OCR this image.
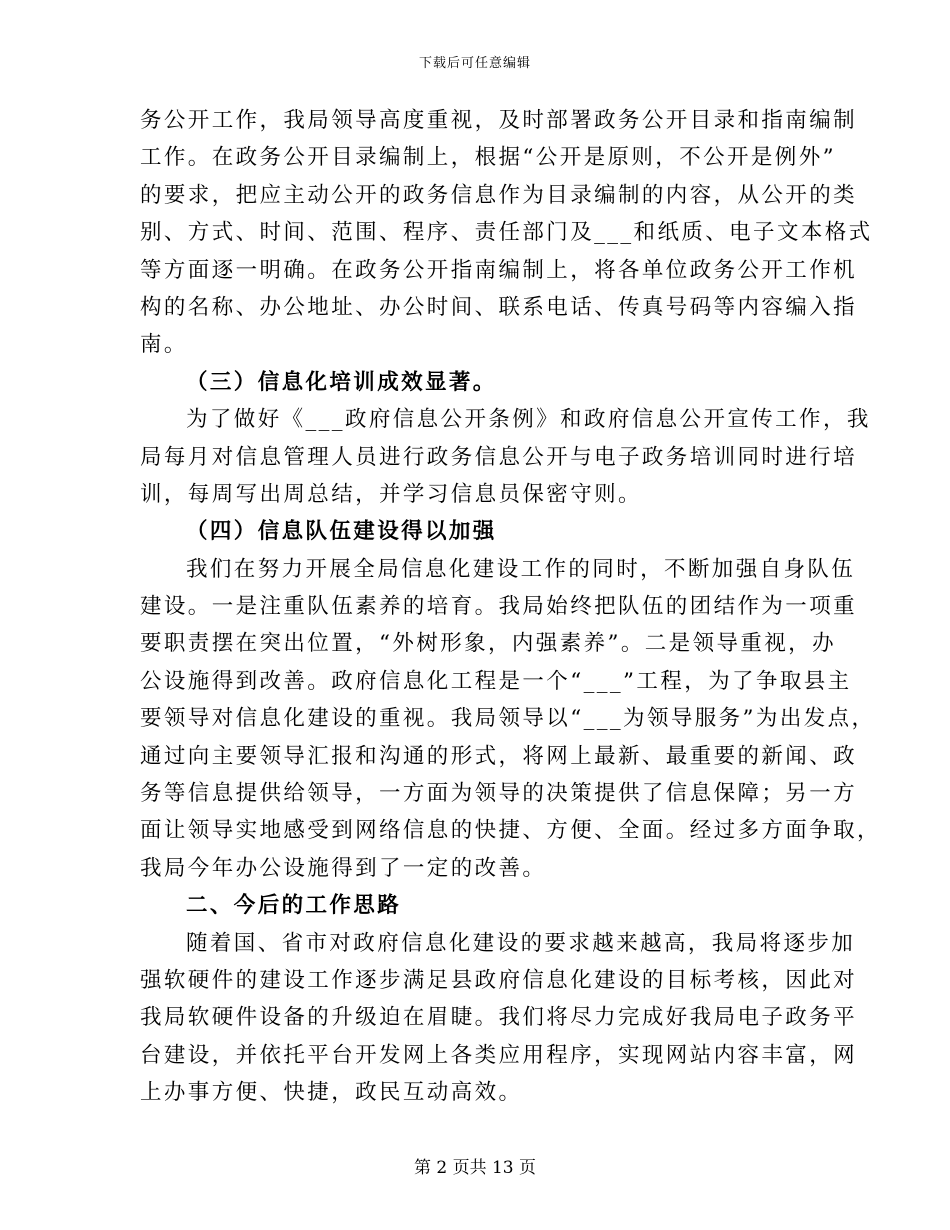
下载后可任意编辑
务公开工作，我局领导高度重视，及时部署政务公开目录和指南编制
工作。在政务公开目录编制上，根据“公开是原则，不公开是例外”
的要求，把应主动公开的政务信息作为目录编制的内容，从公开的类
别、方式、时间、范围、程序、责任部门及___和纸质、电子文本格式
等方面逐一明确。在政务公开指南编制上，将各单位政务公开工作机
构的名称、办公地址、办公时间、联系电话、传真号码等内容编入指
南。
（三）信息化培训成效显著。
为了做好《___政府信息公开条例》和政府信息公开宣传工作，我
局每月对信息管理人员进行政务信息公开与电子政务培训同时进行培
训，每周写出周总结，并学习信息员保密守则。
（四）信息队伍建设得以加强
我们在努力开展全局信息化建设工作的同时，不断加强自身队伍
建设。一是注重队伍素养的培育。我局始终把队伍的团结作为一项重
要职责摆在突出位置，“外树形象，内强素养”。二是领导重视，办
公设施得到改善。政府信息化工程是一个“___”工程，为了争取县主
要领导对信息化建设的重视。我局领导以“___为领导服务”为出发点，
通过向主要领导汇报和沟通的形式，将网上最新、最重要的新闻、政
务等信息提供给领导，一方面为领导的决策提供了信息保障；另一方
面让领导实地感受到网络信息的快捷、方便、全面。经过多方面争取，
我局今年办公设施得到了一定的改善。
二、今后的工作思路
随着国、省市对政府信息化建设的要求越来越高，我局将逐步加
强软硬件的建设工作逐步满足县政府信息化建设的目标考核，因此对
我局软硬件设备的升级迫在眉睫。我们将尽力完成好我局电子政务平
台建设，并依托平台开发网上各类应用程序，实现网站内容丰富，网
上办事方便、快捷，政民互动高效。
第 2 页共 13 页
